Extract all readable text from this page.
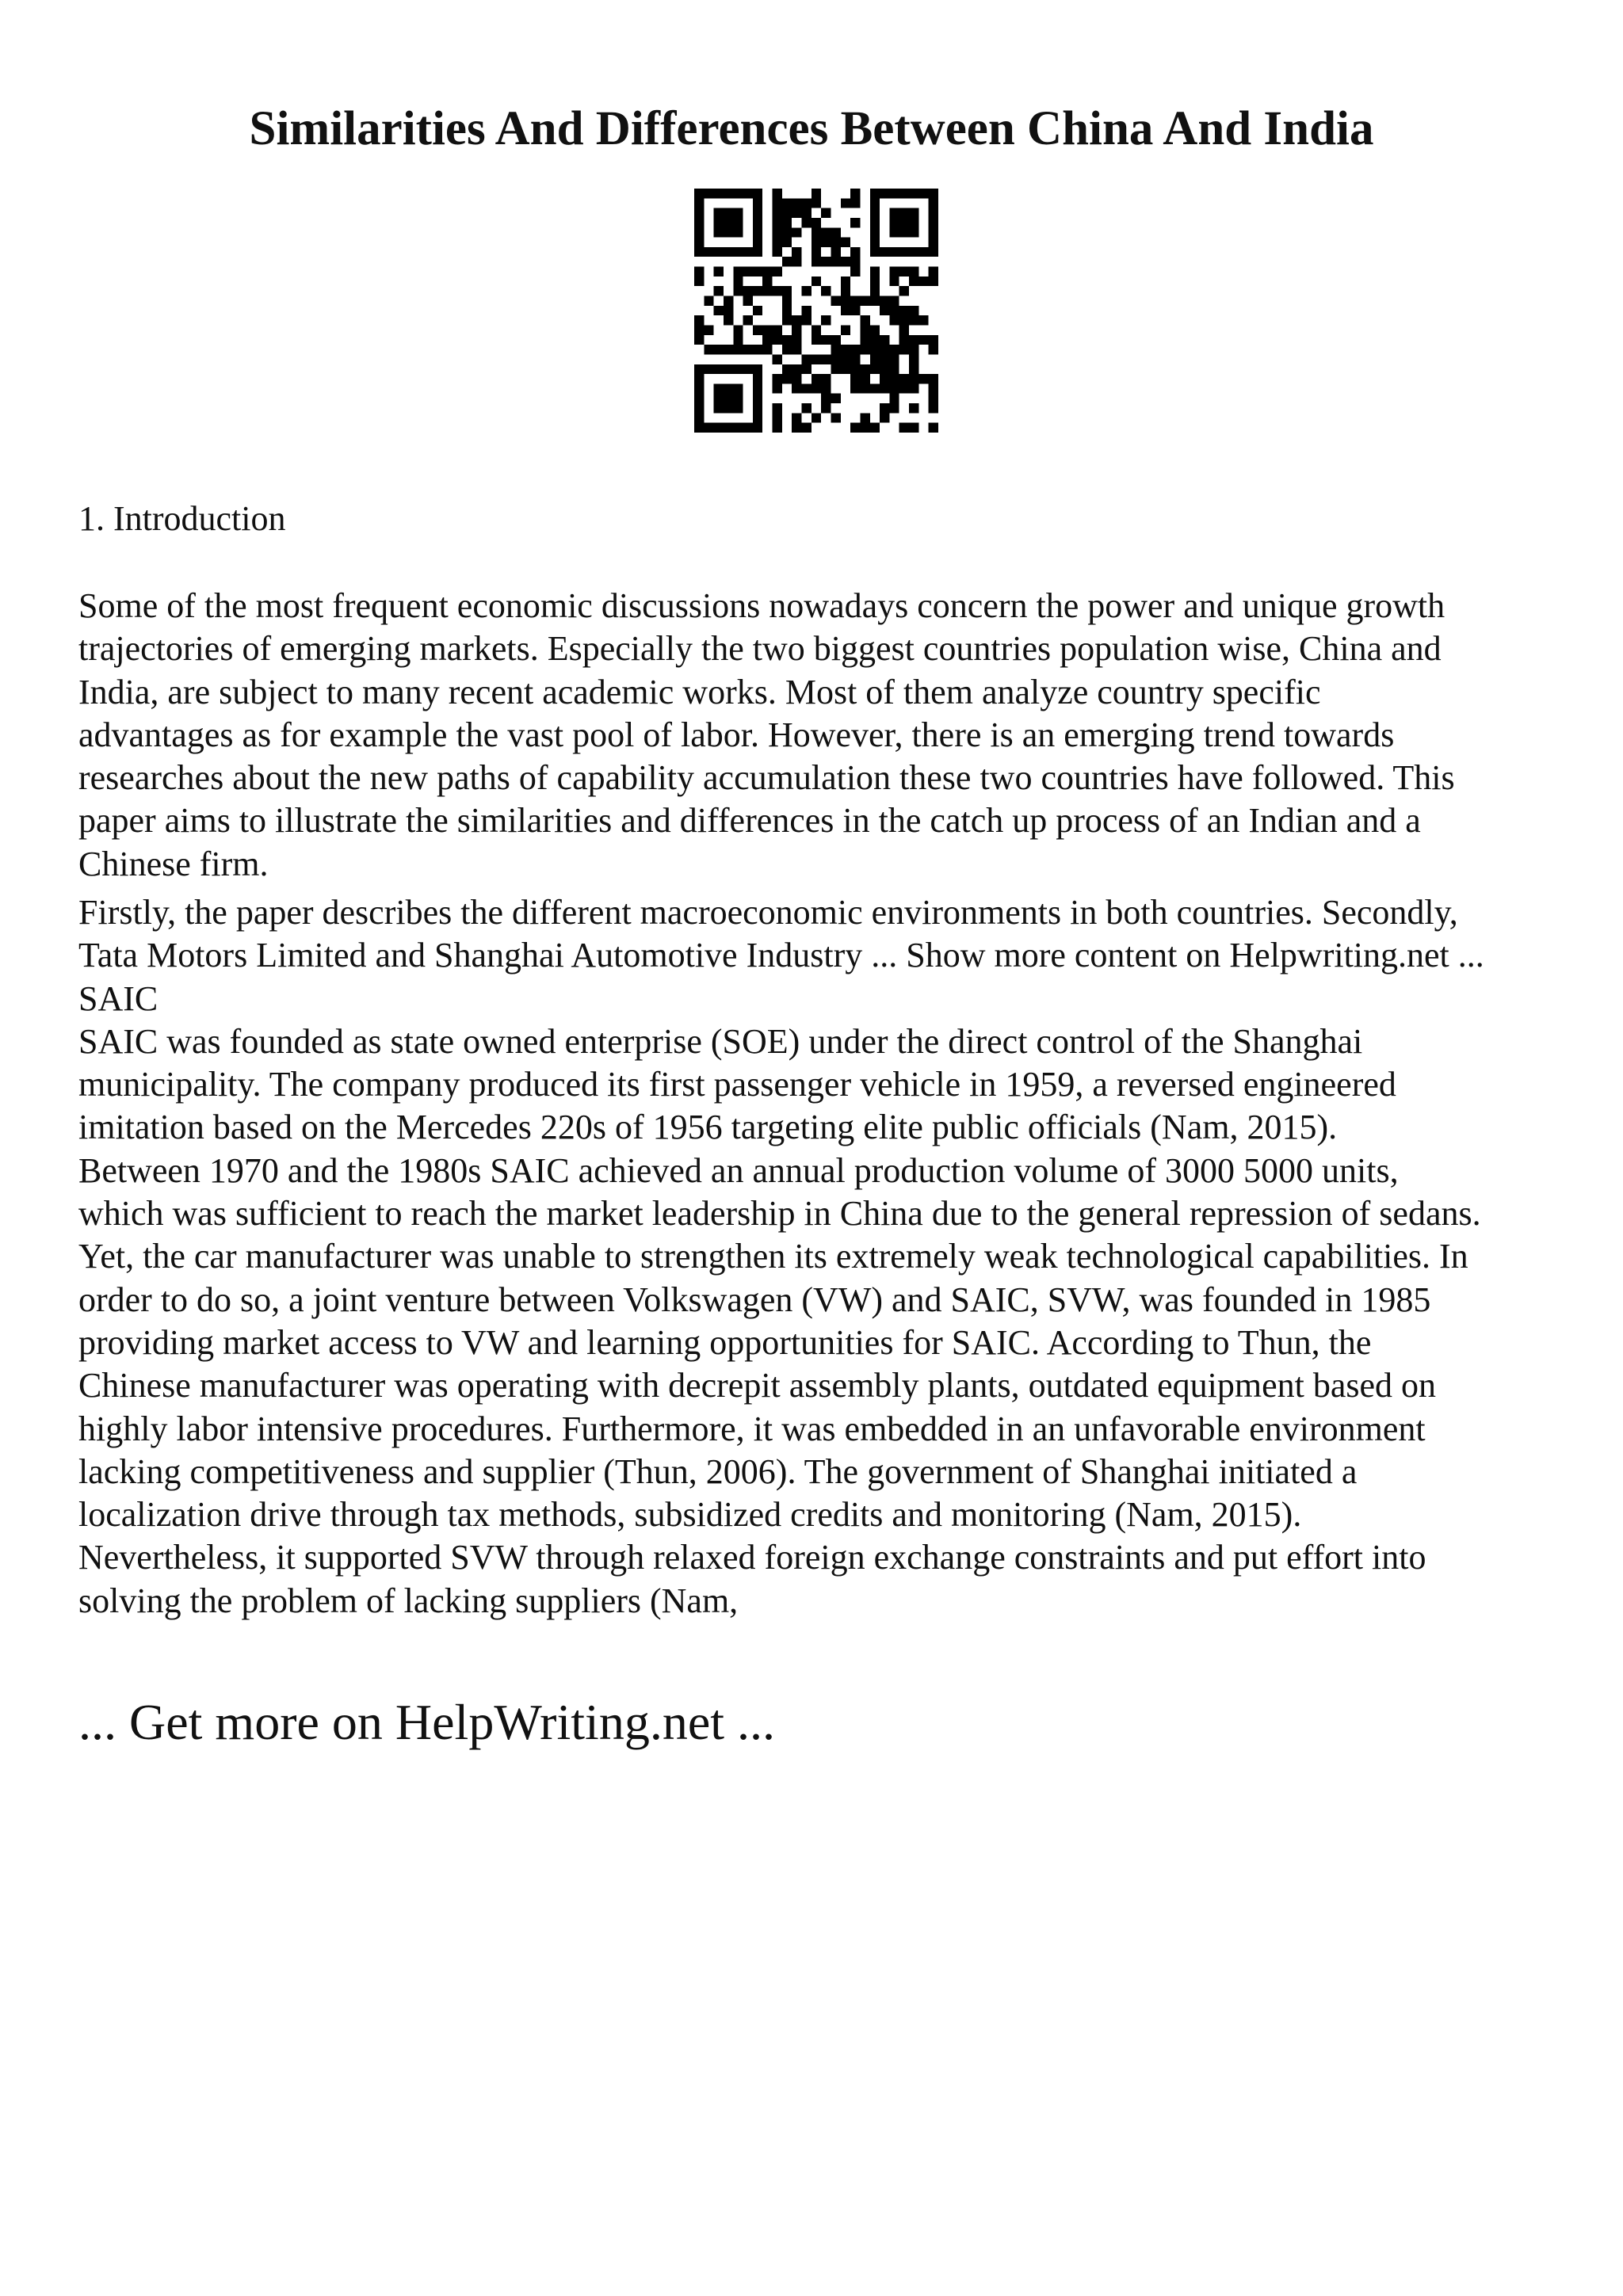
Similarities And Differences Between China And India

1. Introduction

Some of the most frequent economic discussions nowadays concern the power and unique growth
trajectories of emerging markets. Especially the two biggest countries population wise, China and
India, are subject to many recent academic works. Most of them analyze country specific
advantages as for example the vast pool of labor. However, there is an emerging trend towards
researches about the new paths of capability accumulation these two countries have followed. This
paper aims to illustrate the similarities and differences in the catch up process of an Indian and a
Chinese firm.

Firstly, the paper describes the different macroeconomic environments in both countries. Secondly,
Tata Motors Limited and Shanghai Automotive Industry ... Show more content on Helpwriting.net ...
SAIC
SAIC was founded as state owned enterprise (SOE) under the direct control of the Shanghai
municipality. The company produced its first passenger vehicle in 1959, a reversed engineered
imitation based on the Mercedes 220s of 1956 targeting elite public officials (Nam, 2015).
Between 1970 and the 1980s SAIC achieved an annual production volume of 3000 5000 units,
which was sufficient to reach the market leadership in China due to the general repression of sedans.
Yet, the car manufacturer was unable to strengthen its extremely weak technological capabilities. In
order to do so, a joint venture between Volkswagen (VW) and SAIC, SVW, was founded in 1985
providing market access to VW and learning opportunities for SAIC. According to Thun, the
Chinese manufacturer was operating with decrepit assembly plants, outdated equipment based on
highly labor intensive procedures. Furthermore, it was embedded in an unfavorable environment
lacking competitiveness and supplier (Thun, 2006). The government of Shanghai initiated a
localization drive through tax methods, subsidized credits and monitoring (Nam, 2015).
Nevertheless, it supported SVW through relaxed foreign exchange constraints and put effort into
solving the problem of lacking suppliers (Nam,

... Get more on HelpWriting.net ...
